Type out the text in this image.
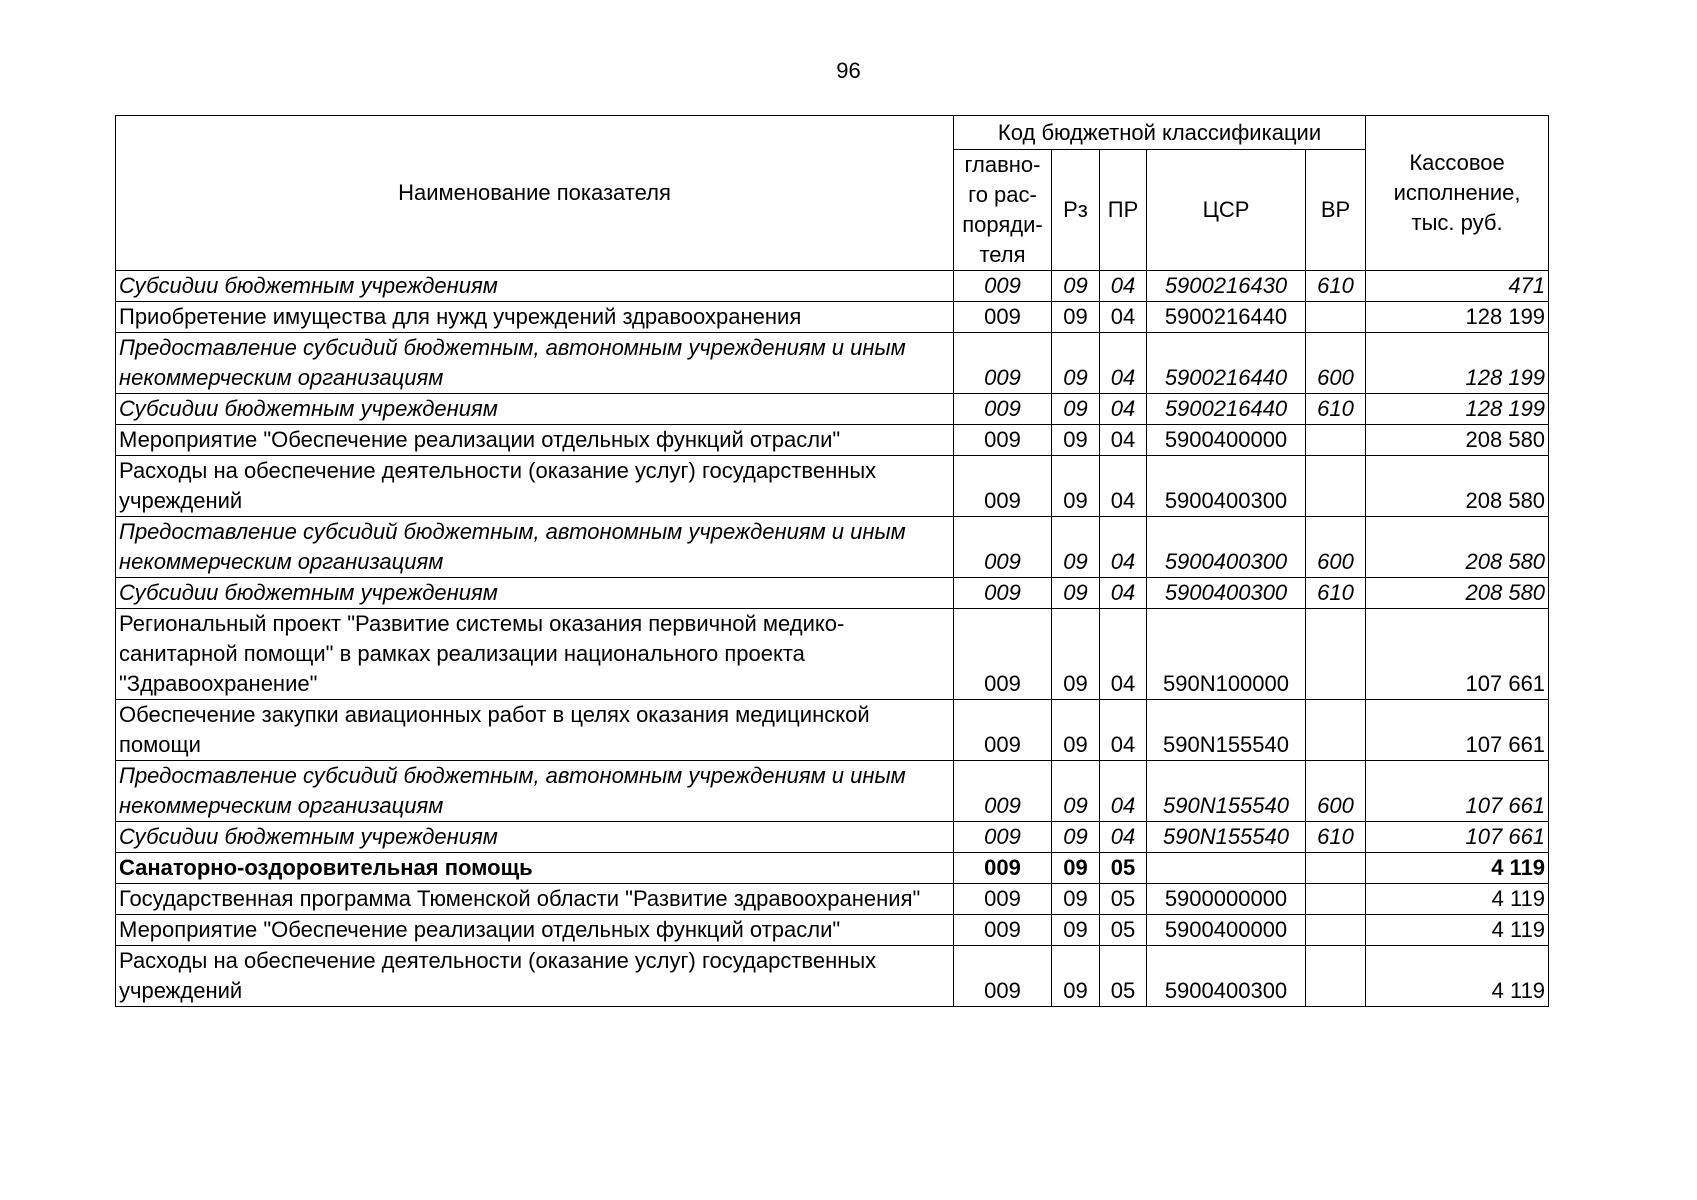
96
Наименование показателя	Код бюджетной классификации					Кассовое исполнение, тыс. руб.
	главно-го рас-поряди-теля	Рз	ПР	ЦСР	ВР	
Субсидии бюджетным учреждениям	009	09	04	5900216430	610	471
Приобретение имущества для нужд учреждений здравоохранения	009	09	04	5900216440		128 199
Предоставление субсидий бюджетным, автономным учреждениям и иным некоммерческим организациям	009	09	04	5900216440	600	128 199
Субсидии бюджетным учреждениям	009	09	04	5900216440	610	128 199
Мероприятие "Обеспечение реализации отдельных функций отрасли"	009	09	04	5900400000		208 580
Расходы на обеспечение деятельности (оказание услуг) государственных учреждений	009	09	04	5900400300		208 580
Предоставление субсидий бюджетным, автономным учреждениям и иным некоммерческим организациям	009	09	04	5900400300	600	208 580
Субсидии бюджетным учреждениям	009	09	04	5900400300	610	208 580
Региональный проект "Развитие системы оказания первичной медико-санитарной помощи" в рамках реализации национального проекта "Здравоохранение"	009	09	04	590N100000		107 661
Обеспечение закупки авиационных работ в целях оказания медицинской помощи	009	09	04	590N155540		107 661
Предоставление субсидий бюджетным, автономным учреждениям и иным некоммерческим организациям	009	09	04	590N155540	600	107 661
Субсидии бюджетным учреждениям	009	09	04	590N155540	610	107 661
Санаторно-оздоровительная помощь	009	09	05			4 119
Государственная программа Тюменской области "Развитие здравоохранения"	009	09	05	5900000000		4 119
Мероприятие "Обеспечение реализации отдельных функций отрасли"	009	09	05	5900400000		4 119
Расходы на обеспечение деятельности (оказание услуг) государственных учреждений	009	09	05	5900400300		4 119
